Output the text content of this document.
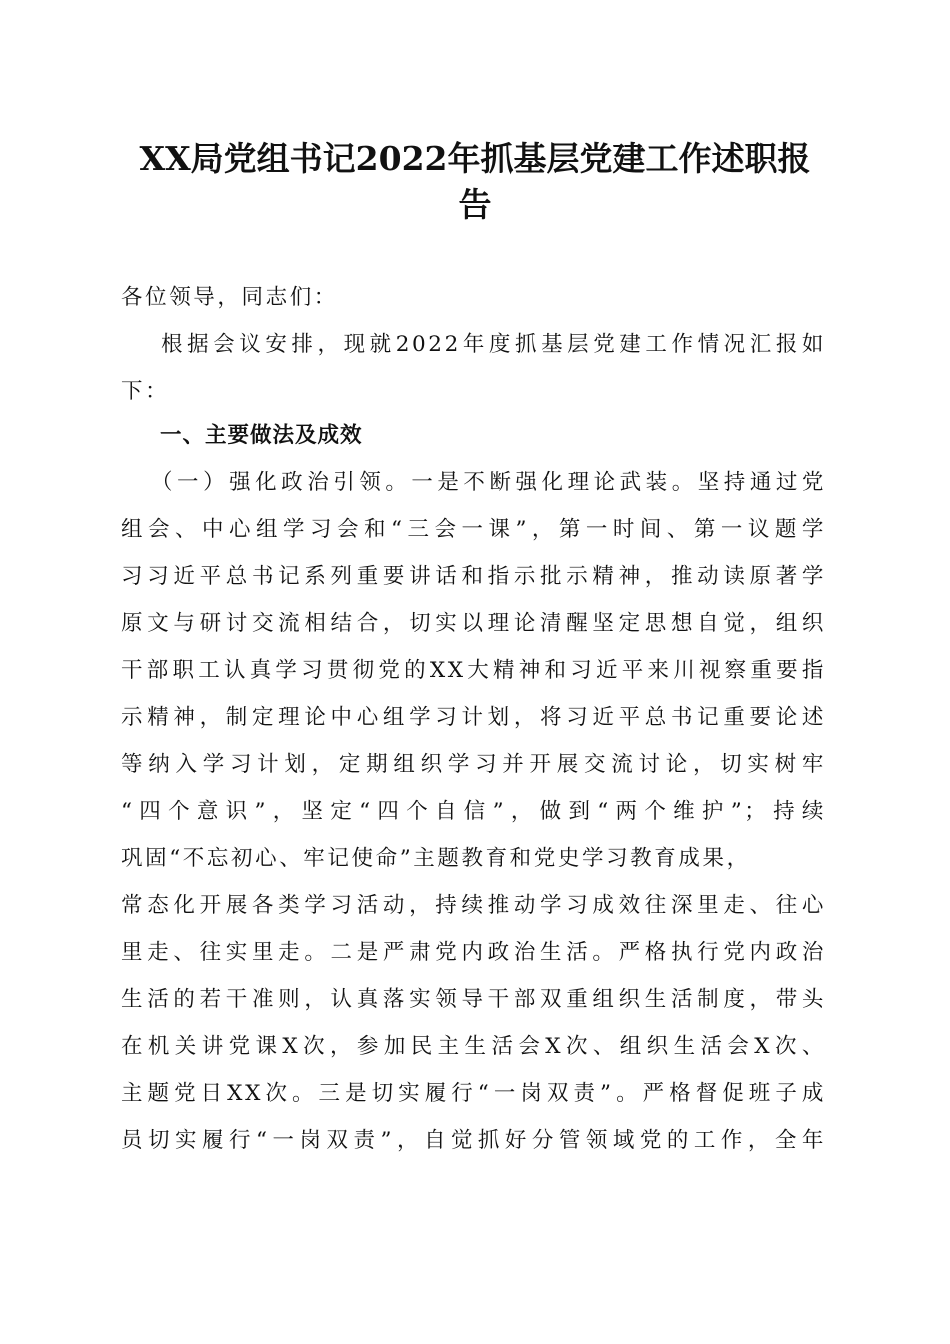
XX局党组书记2022年抓基层党建工作述职报
告

各位领导，同志们：

根据会议安排，现就2022年度抓基层党建工作情况汇报如
下：
一、主要做法及成效
（一）强化政治引领。一是不断强化理论武装。坚持通过党
组会、中心组学习会和“三会一课”，第一时间、第一议题学
习习近平总书记系列重要讲话和指示批示精神，推动读原著学
原文与研讨交流相结合，切实以理论清醒坚定思想自觉，组织
干部职工认真学习贯彻党的XX大精神和习近平来川视察重要指
示精神，制定理论中心组学习计划，将习近平总书记重要论述
等纳入学习计划，定期组织学习并开展交流讨论，切实树牢
“四个意识”，坚定“四个自信”，做到“两个维护”；持续
巩固“不忘初心、牢记使命”主题教育和党史学习教育成果，
常态化开展各类学习活动，持续推动学习成效往深里走、往心
里走、往实里走。二是严肃党内政治生活。严格执行党内政治
生活的若干准则，认真落实领导干部双重组织生活制度，带头
在机关讲党课X次，参加民主生活会X次、组织生活会X次、
主题党日XX次。三是切实履行“一岗双责”。严格督促班子成
员切实履行“一岗双责”，自觉抓好分管领域党的工作，全年
